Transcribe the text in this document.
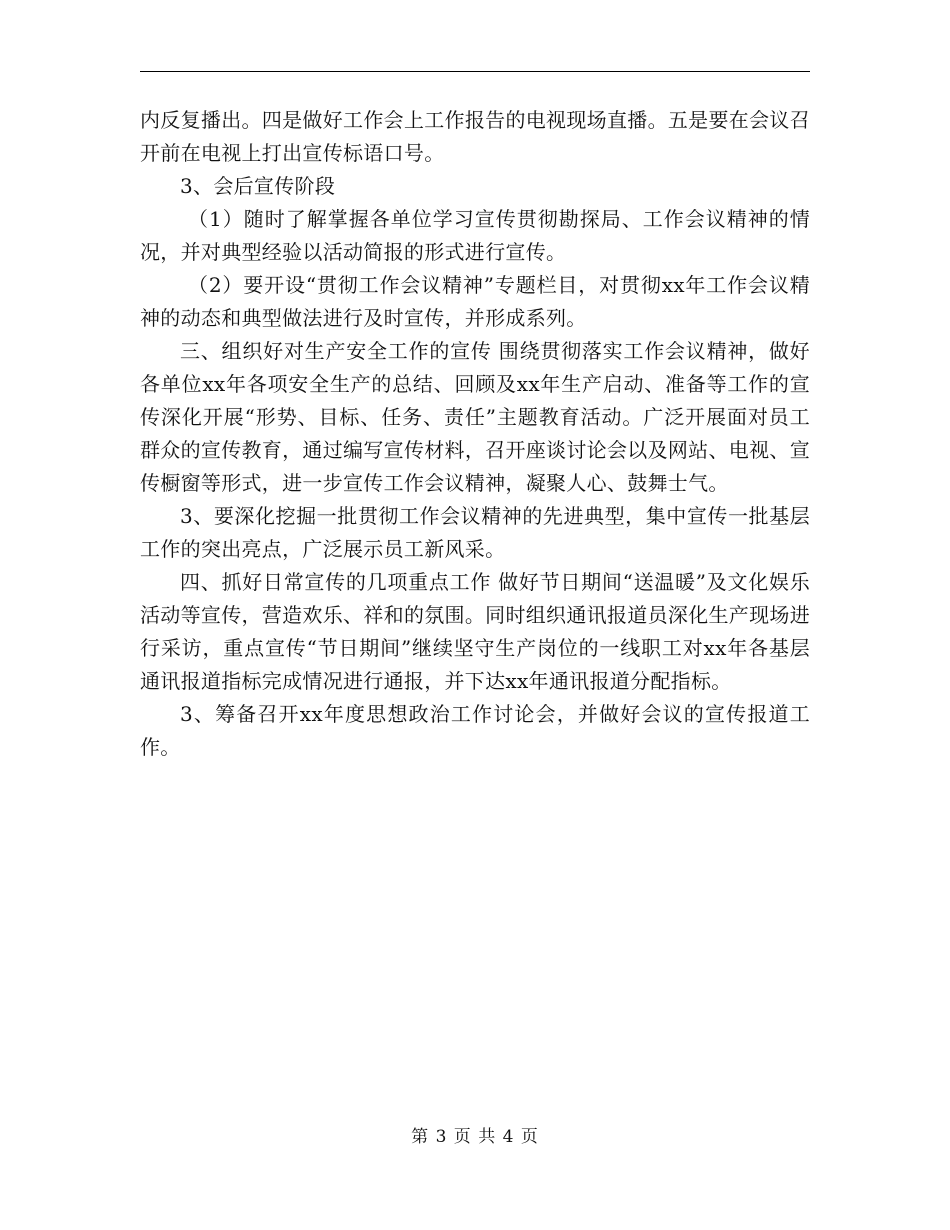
内反复播出。四是做好工作会上工作报告的电视现场直播。五是要在会议召开前在电视上打出宣传标语口号。

3、会后宣传阶段

（1）随时了解掌握各单位学习宣传贯彻勘探局、工作会议精神的情况，并对典型经验以活动简报的形式进行宣传。

（2）要开设“贯彻工作会议精神”专题栏目，对贯彻xx年工作会议精神的动态和典型做法进行及时宣传，并形成系列。

三、组织好对生产安全工作的宣传 围绕贯彻落实工作会议精神，做好各单位xx年各项安全生产的总结、回顾及xx年生产启动、准备等工作的宣传深化开展“形势、目标、任务、责任”主题教育活动。广泛开展面对员工群众的宣传教育，通过编写宣传材料，召开座谈讨论会以及网站、电视、宣传橱窗等形式，进一步宣传工作会议精神，凝聚人心、鼓舞士气。

3、要深化挖掘一批贯彻工作会议精神的先进典型，集中宣传一批基层工作的突出亮点，广泛展示员工新风采。

四、抓好日常宣传的几项重点工作 做好节日期间“送温暖”及文化娱乐活动等宣传，营造欢乐、祥和的氛围。同时组织通讯报道员深化生产现场进行采访，重点宣传“节日期间”继续坚守生产岗位的一线职工对xx年各基层通讯报道指标完成情况进行通报，并下达xx年通讯报道分配指标。

3、筹备召开xx年度思想政治工作讨论会，并做好会议的宣传报道工作。

第 3 页 共 4 页
